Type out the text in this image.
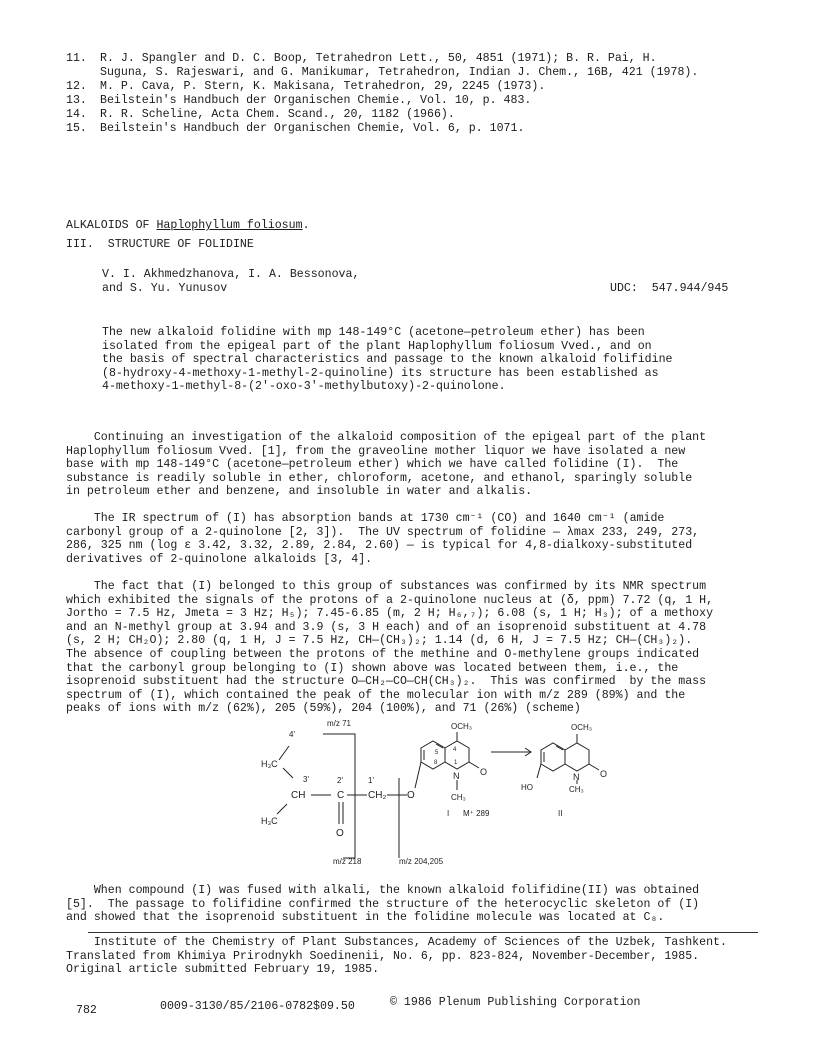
11. R. J. Spangler and D. C. Boop, Tetrahedron Lett., 50, 4851 (1971); B. R. Pai, H.
Suguna, S. Rajeswari, and G. Manikumar, Tetrahedron, Indian J. Chem., 16B, 421 (1978).
12. M. P. Cava, P. Stern, K. Makisana, Tetrahedron, 29, 2245 (1973).
13. Beilstein's Handbuch der Organischen Chemie., Vol. 10, p. 483.
14. R. R. Scheline, Acta Chem. Scand., 20, 1182 (1966).
15. Beilstein's Handbuch der Organischen Chemie, Vol. 6, p. 1071.
ALKALOIDS OF Haplophyllum foliosum.
III.  STRUCTURE OF FOLIDINE
V. I. Akhmedzhanova, I. A. Bessonova,
and S. Yu. Yunusov	UDC:  547.944/945
The new alkaloid folidine with mp 148-149°C (acetone—petroleum ether) has been
isolated from the epigeal part of the plant Haplophyllum foliosum Vved., and on
the basis of spectral characteristics and passage to the known alkaloid folifidine
(8-hydroxy-4-methoxy-1-methyl-2-quinoline) its structure has been established as
4-methoxy-1-methyl-8-(2'-oxo-3'-methylbutoxy)-2-quinolone.
Continuing an investigation of the alkaloid composition of the epigeal part of the plant
Haplophyllum foliosum Vved. [1], from the graveoline mother liquor we have isolated a new
base with mp 148-149°C (acetone—petroleum ether) which we have called folidine (I).  The
substance is readily soluble in ether, chloroform, acetone, and ethanol, sparingly soluble
in petroleum ether and benzene, and insoluble in water and alkalis.
The IR spectrum of (I) has absorption bands at 1730 cm⁻¹ (CO) and 1640 cm⁻¹ (amide
carbonyl group of a 2-quinolone [2, 3]).  The UV spectrum of folidine — λmax 233, 249, 273,
286, 325 nm (log ε 3.42, 3.32, 2.89, 2.84, 2.60) — is typical for 4,8-dialkoxy-substituted
derivatives of 2-quinolone alkaloids [3, 4].
The fact that (I) belonged to this group of substances was confirmed by its NMR spectrum
which exhibited the signals of the protons of a 2-quinolone nucleus at (δ, ppm) 7.72 (q, 1 H,
Jortho = 7.5 Hz, Jmeta = 3 Hz; H₅); 7.45-6.85 (m, 2 H; H₆,₇); 6.08 (s, 1 H; H₃); of a methoxy
and an N-methyl group at 3.94 and 3.9 (s, 3 H each) and of an isoprenoid substituent at 4.78
(s, 2 H; CH₂O); 2.80 (q, 1 H, J = 7.5 Hz, CH—(CH₃)₂; 1.14 (d, 6 H, J = 7.5 Hz; CH—(CH₃)₂).
The absence of coupling between the protons of the methine and O-methylene groups indicated
that the carbonyl group belonging to (I) shown above was located between them, i.e., the
isoprenoid substituent had the structure O—CH₂—CO—CH(CH₃)₂.  This was confirmed  by the mass
spectrum of (I), which contained the peak of the molecular ion with m/z 289 (89%) and the
peaks of ions with m/z (62%), 205 (59%), 204 (100%), and 71 (26%) (scheme)
4'
H₃C
3'
CH
H₃C
2'
C
O
1'
CH₂ O
m/z 71
m/z 218	m/z 204,205
5
8
4
1
OCH₃
N O
CH₃
I M⁺ 289
OCH₃
N O
HO	CH₃
II
When compound (I) was fused with alkali, the known alkaloid folifidine(II) was obtained
[5].  The passage to folifidine confirmed the structure of the heterocyclic skeleton of (I)
and showed that the isoprenoid substituent in the folidine molecule was located at C₈.
Institute of the Chemistry of Plant Substances, Academy of Sciences of the Uzbek, Tashkent.
Translated from Khimiya Prirodnykh Soedinenii, No. 6, pp. 823-824, November-December, 1985.
Original article submitted February 19, 1985.
782	0009-3130/85/2106-0782$09.50	© 1986 Plenum Publishing Corporation
